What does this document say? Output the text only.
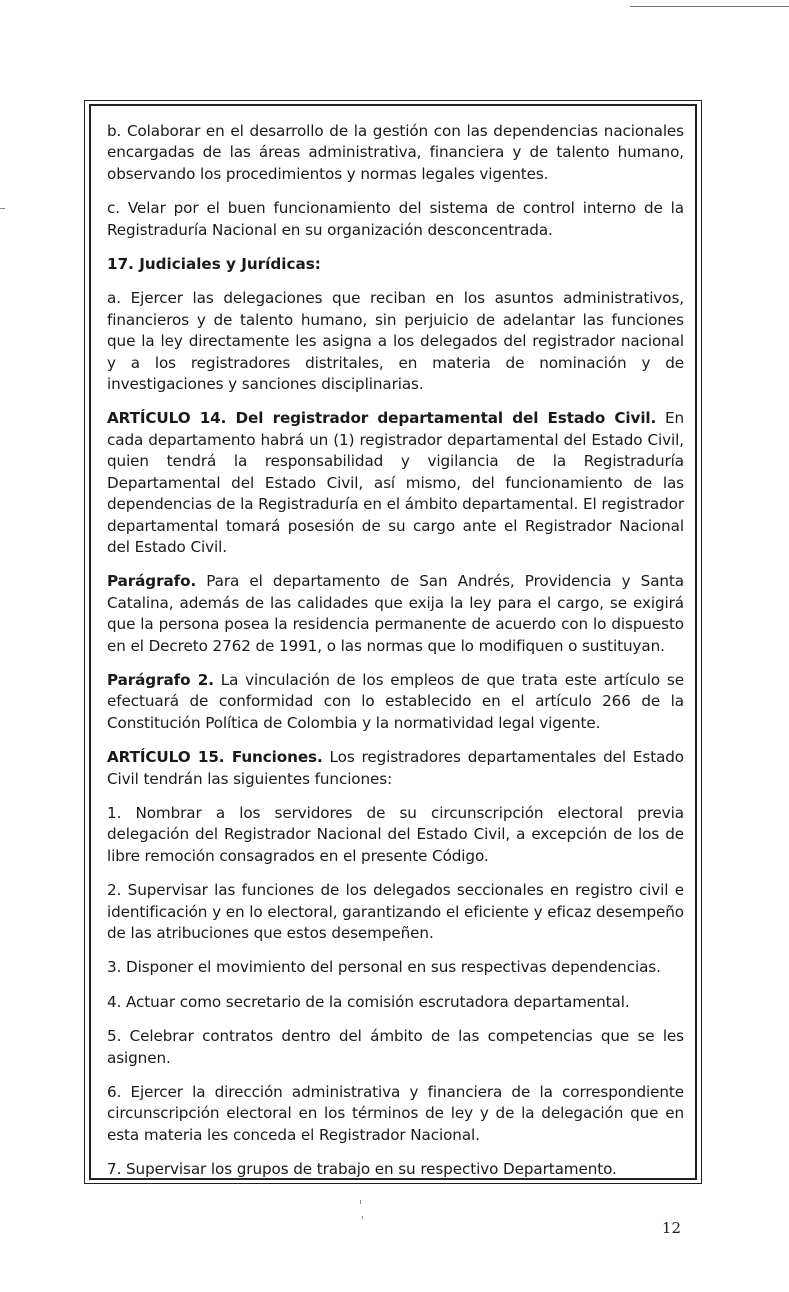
b. Colaborar en el desarrollo de la gestión con las dependencias nacionales encargadas de las áreas administrativa, financiera y de talento humano, observando los procedimientos y normas legales vigentes.

c. Velar por el buen funcionamiento del sistema de control interno de la Registraduría Nacional en su organización desconcentrada.

17. Judiciales y Jurídicas:

a. Ejercer las delegaciones que reciban en los asuntos administrativos, financieros y de talento humano, sin perjuicio de adelantar las funciones que la ley directamente les asigna a los delegados del registrador nacional y a los registradores distritales, en materia de nominación y de investigaciones y sanciones disciplinarias.

ARTÍCULO 14. Del registrador departamental del Estado Civil. En cada departamento habrá un (1) registrador departamental del Estado Civil, quien tendrá la responsabilidad y vigilancia de la Registraduría Departamental del Estado Civil, así mismo, del funcionamiento de las dependencias de la Registraduría en el ámbito departamental. El registrador departamental tomará posesión de su cargo ante el Registrador Nacional del Estado Civil.

Parágrafo. Para el departamento de San Andrés, Providencia y Santa Catalina, además de las calidades que exija la ley para el cargo, se exigirá que la persona posea la residencia permanente de acuerdo con lo dispuesto en el Decreto 2762 de 1991, o las normas que lo modifiquen o sustituyan.

Parágrafo 2. La vinculación de los empleos de que trata este artículo se efectuará de conformidad con lo establecido en el artículo 266 de la Constitución Política de Colombia y la normatividad legal vigente.

ARTÍCULO 15. Funciones. Los registradores departamentales del Estado Civil tendrán las siguientes funciones:

1. Nombrar a los servidores de su circunscripción electoral previa delegación del Registrador Nacional del Estado Civil, a excepción de los de libre remoción consagrados en el presente Código.

2. Supervisar las funciones de los delegados seccionales en registro civil e identificación y en lo electoral, garantizando el eficiente y eficaz desempeño de las atribuciones que estos desempeñen.

3. Disponer el movimiento del personal en sus respectivas dependencias.

4. Actuar como secretario de la comisión escrutadora departamental.

5. Celebrar contratos dentro del ámbito de las competencias que se les asignen.

6. Ejercer la dirección administrativa y financiera de la correspondiente circunscripción electoral en los términos de ley y de la delegación que en esta materia les conceda el Registrador Nacional.

7. Supervisar los grupos de trabajo en su respectivo Departamento.

12
